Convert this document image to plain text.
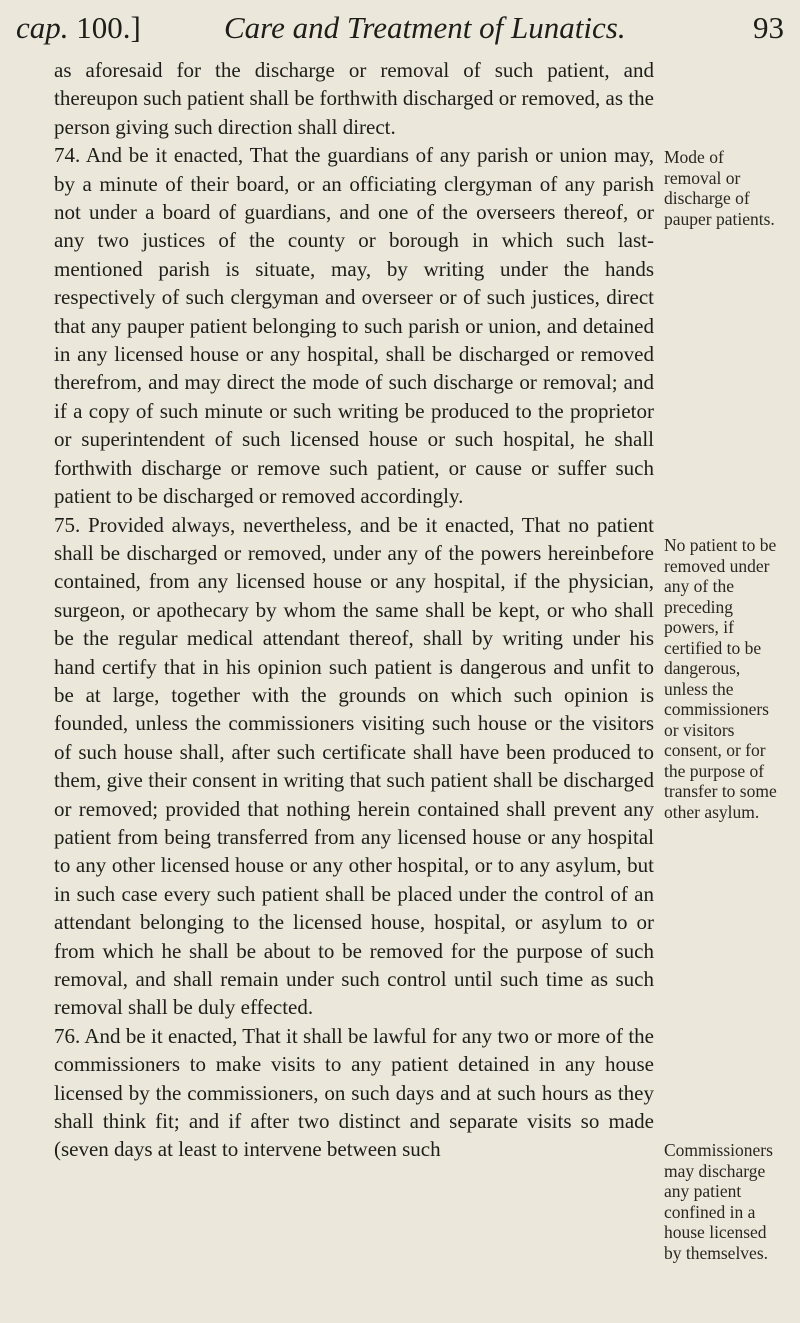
cap. 100.]	Care and Treatment of Lunatics.	93

as aforesaid for the discharge or removal of such patient, and thereupon such patient shall be forthwith discharged or removed, as the person giving such direction shall direct.

74. And be it enacted, That the guardians of any parish or union may, by a minute of their board, or an officiating clergyman of any parish not under a board of guardians, and one of the overseers thereof, or any two justices of the county or borough in which such last-mentioned parish is situate, may, by writing under the hands respectively of such clergyman and overseer or of such justices, direct that any pauper patient belonging to such parish or union, and detained in any licensed house or any hospital, shall be discharged or removed therefrom, and may direct the mode of such discharge or removal; and if a copy of such minute or such writing be produced to the proprietor or superintendent of such licensed house or such hospital, he shall forthwith discharge or remove such patient, or cause or suffer such patient to be discharged or removed accordingly.

75. Provided always, nevertheless, and be it enacted, That no patient shall be discharged or removed, under any of the powers hereinbefore contained, from any licensed house or any hospital, if the physician, surgeon, or apothecary by whom the same shall be kept, or who shall be the regular medical attendant thereof, shall by writing under his hand certify that in his opinion such patient is dangerous and unfit to be at large, together with the grounds on which such opinion is founded, unless the commissioners visiting such house or the visitors of such house shall, after such certificate shall have been produced to them, give their consent in writing that such patient shall be discharged or removed; provided that nothing herein contained shall prevent any patient from being transferred from any licensed house or any hospital to any other licensed house or any other hospital, or to any asylum, but in such case every such patient shall be placed under the control of an attendant belonging to the licensed house, hospital, or asylum to or from which he shall be about to be removed for the purpose of such removal, and shall remain under such control until such time as such removal shall be duly effected.

76. And be it enacted, That it shall be lawful for any two or more of the commissioners to make visits to any patient detained in any house licensed by the commissioners, on such days and at such hours as they shall think fit; and if after two distinct and separate visits so made (seven days at least to intervene between such

Mode of removal or discharge of pauper patients.
No patient to be removed under any of the preceding powers, if certified to be dangerous, unless the commissioners or visitors consent, or for the purpose of transfer to some other asylum.
Commissioners may discharge any patient confined in a house licensed by themselves.
